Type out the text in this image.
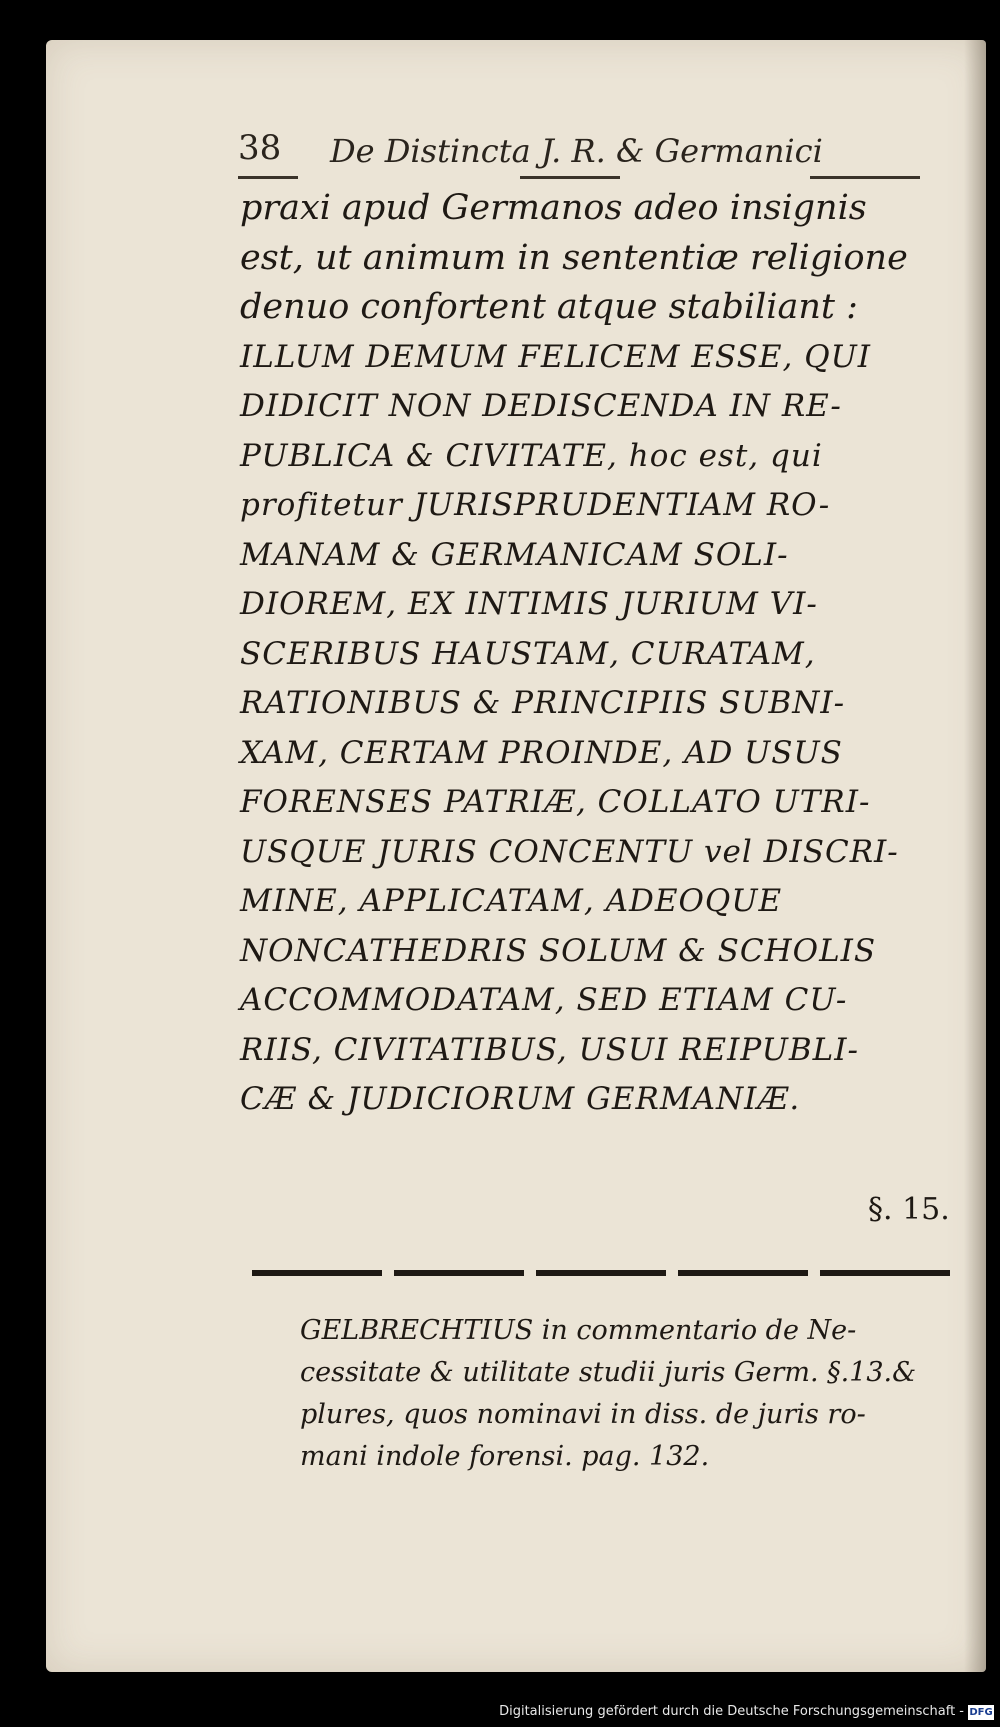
38 De Distincta J. R. & Germanici
praxi apud Germanos adeo insignis
est, ut animum in sententiæ religione
denuo confortent atque stabiliant :
ILLUM DEMUM FELICEM ESSE, QUI
DIDICIT NON DEDISCENDA IN RE-
PUBLICA & CIVITATE, hoc est, qui
profitetur JURISPRUDENTIAM RO-
MANAM & GERMANICAM SOLI-
DIOREM, EX INTIMIS JURIUM VI-
SCERIBUS HAUSTAM, CURATAM,
RATIONIBUS & PRINCIPIIS SUBNI-
XAM, CERTAM PROINDE, AD USUS
FORENSES PATRIÆ, COLLATO UTRI-
USQUE JURIS CONCENTU vel DISCRI-
MINE, APPLICATAM, ADEOQUE
NONCATHEDRIS SOLUM & SCHOLIS
ACCOMMODATAM, SED ETIAM CU-
RIIS, CIVITATIBUS, USUI REIPUBLI-
CÆ & JUDICIORUM GERMANIÆ.
§. 15.
GELBRECHTIUS in commentario de Ne-
cessitate & utilitate studii juris Germ. §.13.&
plures, quos nominavi in diss. de juris ro-
mani indole forensi. pag. 132.
Digitalisierung gefördert durch die Deutsche Forschungsgemeinschaft - DFG
